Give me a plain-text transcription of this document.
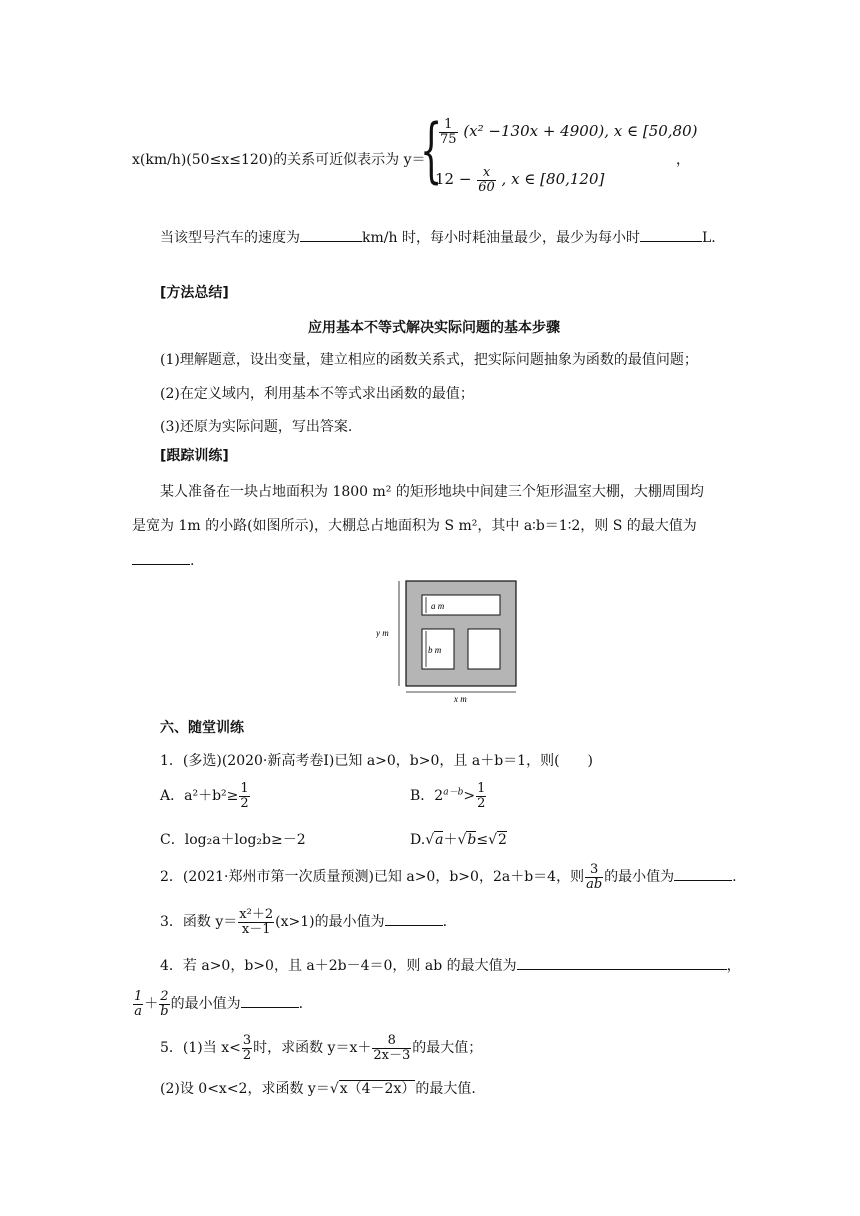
x(km/h)(50≤x≤120)的关系可近似表示为 y＝
{
$\frac{1}{75} (x^2 -130x + 4900)$, x ∈ [50,80)
$12 - \frac{x}{60}$ , x ∈ [80,120]
，
当该型号汽车的速度为	km/h 时，每小时耗油量最少，最少为每小时	L.
[方法总结]
应用基本不等式解决实际问题的基本步骤
(1)理解题意，设出变量，建立相应的函数关系式，把实际问题抽象为函数的最值问题；
(2)在定义域内，利用基本不等式求出函数的最值；
(3)还原为实际问题，写出答案.
[跟踪训练]
某人准备在一块占地面积为 1800 m² 的矩形地块中间建三个矩形温室大棚，大棚周围均
是宽为 1m 的小路(如图所示)，大棚总占地面积为 S m²，其中 a∶b＝1∶2，则 S 的最大值为
.
a m
b m
y m
x m
六、随堂训练
1．(多选)(2020·新高考卷Ⅰ)已知 a>0，b>0，且 a＋b＝1，则(　　)
A．$a^2+b^2\ge \frac{1}{2}$	B．$2^{a-b}> \frac{1}{2}$
C．log₂a＋log₂b≥－2	D.√a＋√b≤√2
2．(2021·郑州市第一次质量预测)已知 a>0，b>0，2a＋b＝4，则 $\frac{3}{ab}$ 的最小值为	.
3．函数 $y= \frac{\text{x²＋2}}{x-1} (x>1)$的最小值为	.
4．若 a>0，b>0，且 a＋2b－4＝0，则 ab 的最大值为	，
$\frac{1}{a} + \frac{2}{b}$ 的最小值为	.
5．(1)当 $x< \frac{3}{2}$ 时，求函数 $y=x+ \frac{8}{2x-3}$ 的最大值；
(2)设 0<x<2，求函数 y＝√x（4－2x）的最大值.
